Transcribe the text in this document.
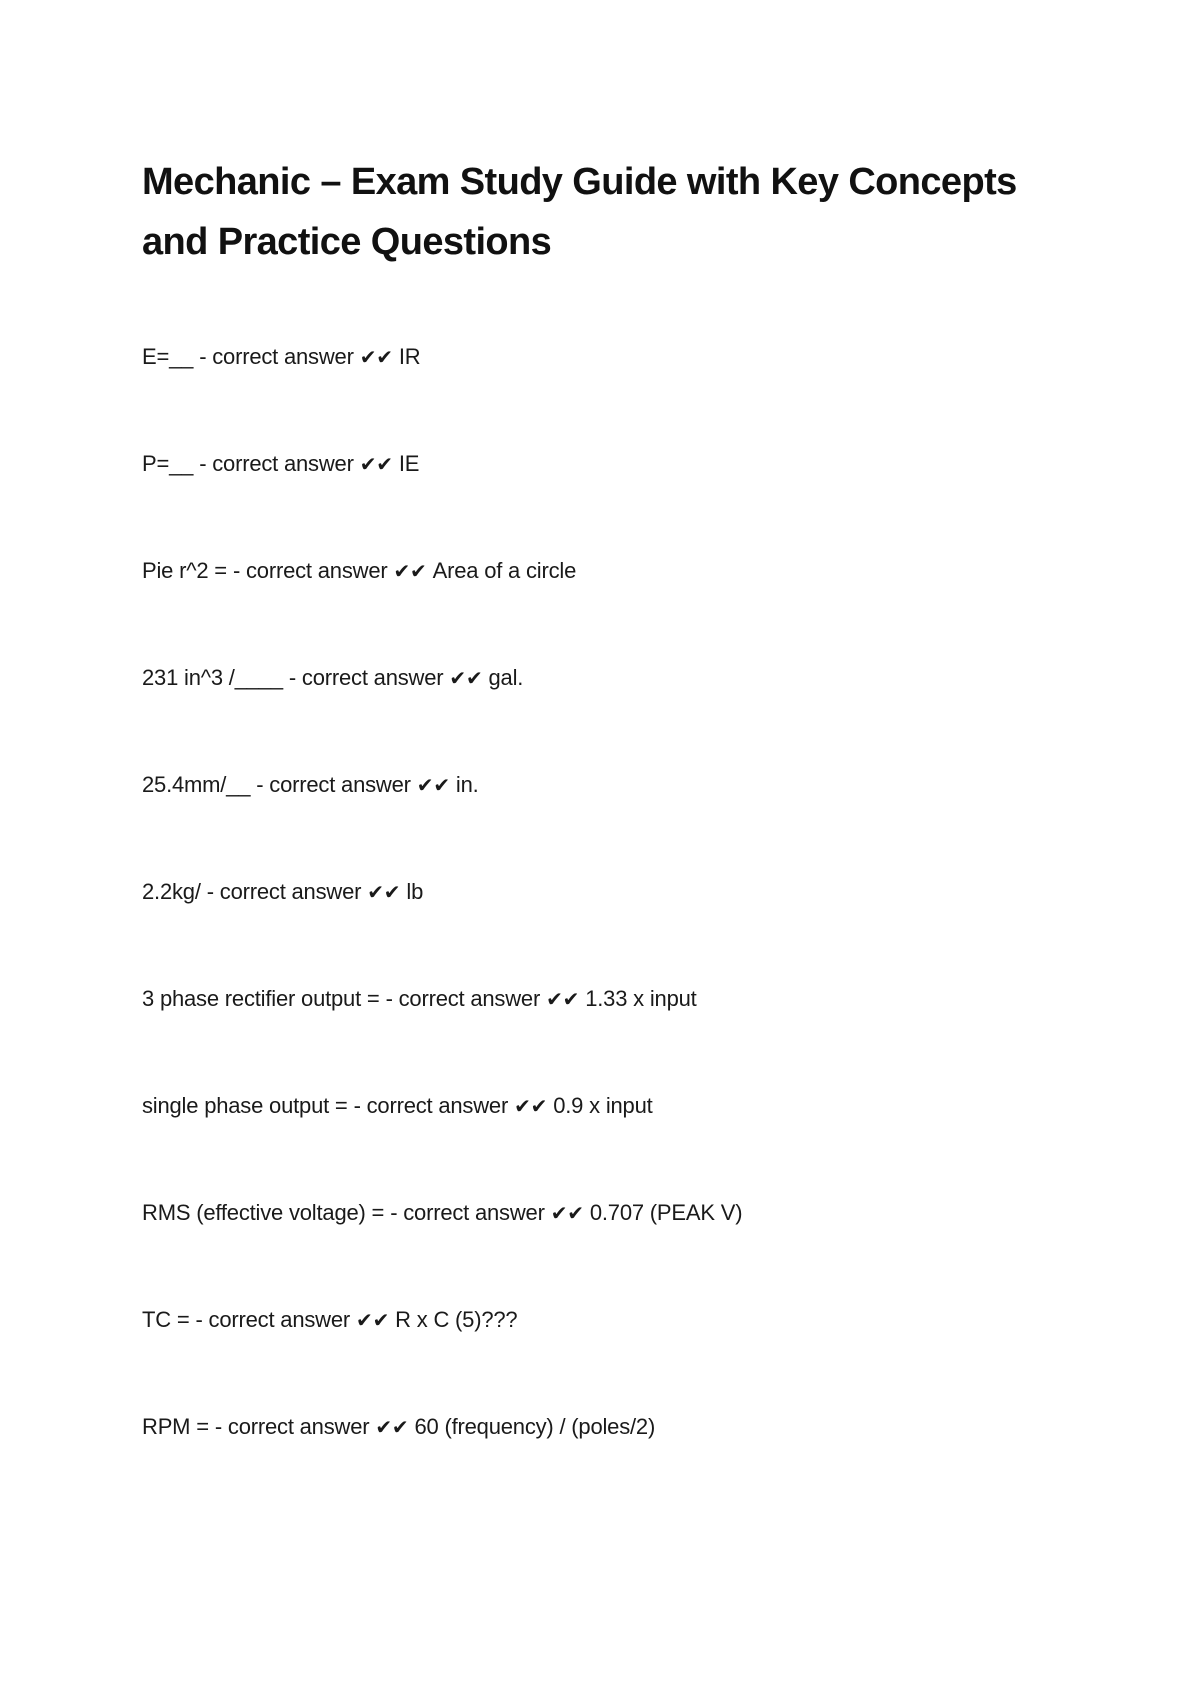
Mechanic – Exam Study Guide with Key Concepts and Practice Questions
E=__ - correct answer ✔✔ IR
P=__ - correct answer ✔✔ IE
Pie r^2 = - correct answer ✔✔ Area of a circle
231 in^3 /____ - correct answer ✔✔ gal.
25.4mm/__ - correct answer ✔✔ in.
2.2kg/ - correct answer ✔✔ lb
3 phase rectifier output = - correct answer ✔✔ 1.33 x input
single phase output = - correct answer ✔✔ 0.9 x input
RMS (effective voltage) = - correct answer ✔✔ 0.707 (PEAK V)
TC = - correct answer ✔✔ R x C (5)???
RPM = - correct answer ✔✔ 60 (frequency) / (poles/2)
